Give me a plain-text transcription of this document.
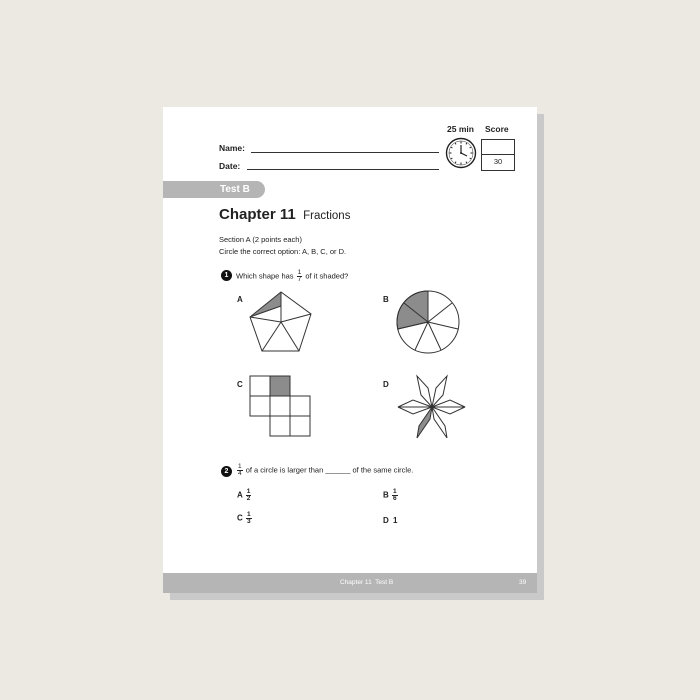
25 min Score
30
Name:
Date:
Test B
Chapter 11 Fractions
Section A (2 points each)
Circle the correct option: A, B, C, or D.
1	Which shape has $\frac{1}{7}$ of it shaded?
A	B
C	D
2	$\frac{1}{4}$ of a circle is larger than ______ of the same circle.
A $\frac{1}{2}$	B $\frac{1}{6}$
C $\frac{1}{3}$	D 1
Chapter 11  Test B	39
